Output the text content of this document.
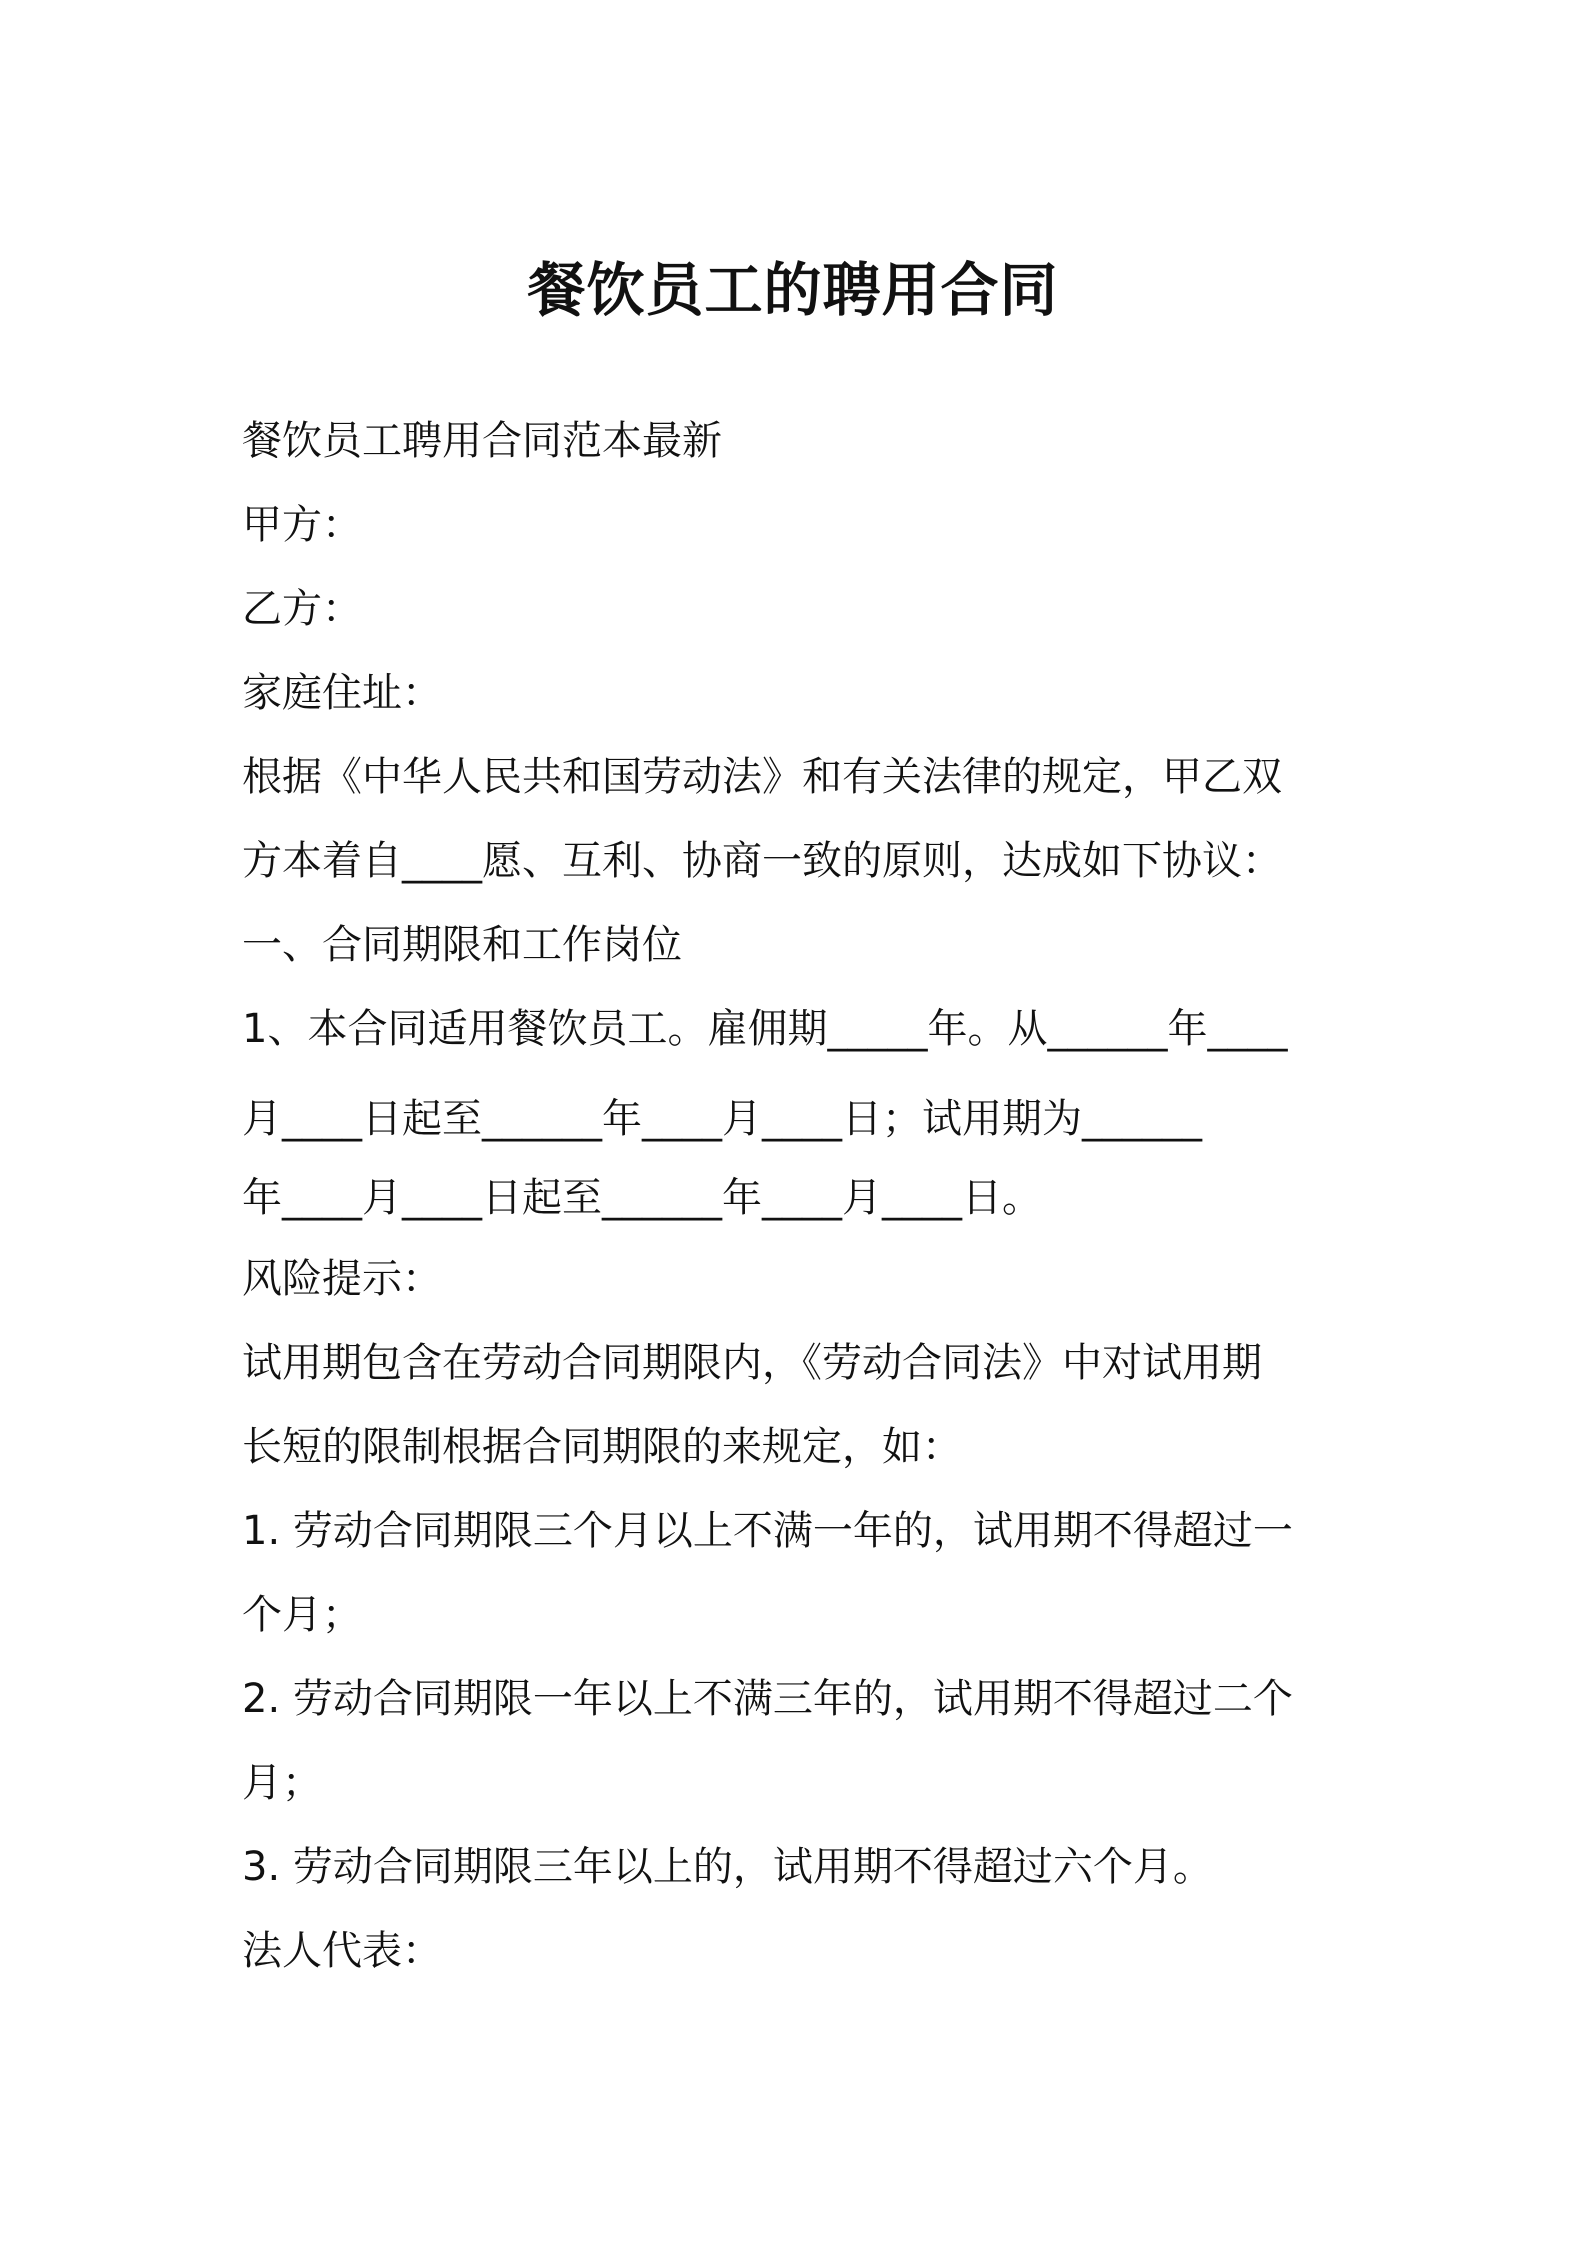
餐饮员工的聘用合同

餐饮员工聘用合同范本最新

甲方：

乙方：

家庭住址：

根据《中华人民共和国劳动法》和有关法律的规定，甲乙双

方本着自____愿、互利、协商一致的原则，达成如下协议：

一、合同期限和工作岗位

1、本合同适用餐饮员工。雇佣期_____年。从______年____

月____日起至______年____月____日；试用期为______

年____月____日起至______年____月____日。

风险提示：

试用期包含在劳动合同期限内，《劳动合同法》中对试用期

长短的限制根据合同期限的来规定，如：

1. 劳动合同期限三个月以上不满一年的，试用期不得超过一

个月；

2. 劳动合同期限一年以上不满三年的，试用期不得超过二个

月；

3. 劳动合同期限三年以上的，试用期不得超过六个月。

法人代表：
